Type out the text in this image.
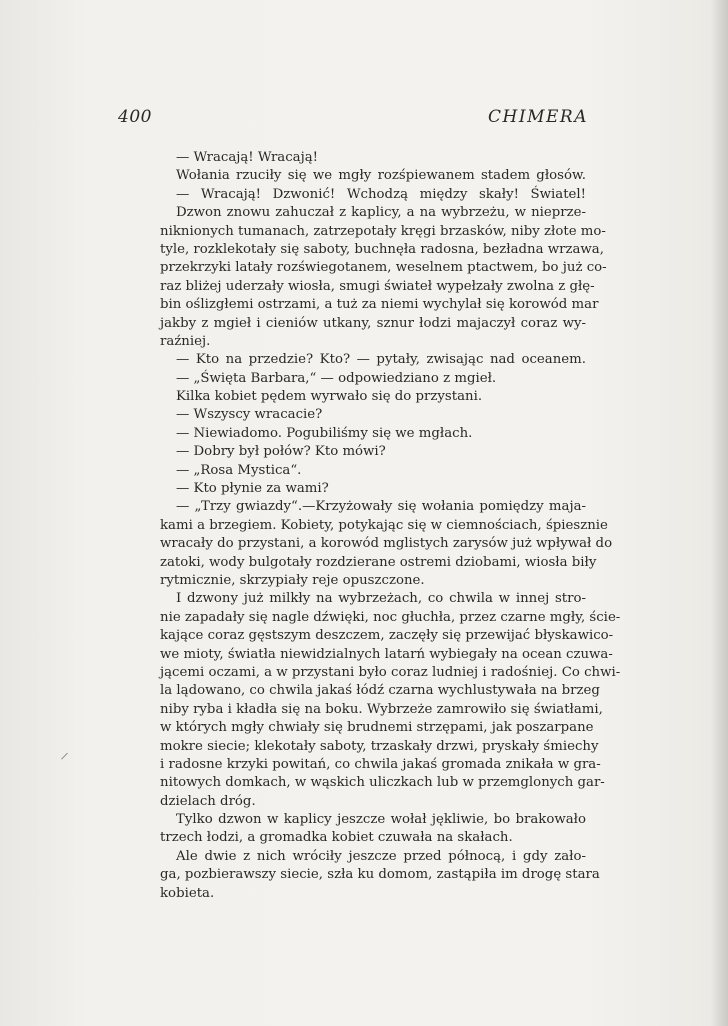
400	CHIMERA
— Wracają! Wracają!
Wołania rzuciły się we mgły rozśpiewanem stadem głosów.
— Wracają! Dzwonić! Wchodzą między skały! Światel!
Dzwon znowu zahuczał z kaplicy, a na wybrzeżu, w nieprze-
niknionych tumanach, zatrzepotały kręgi brzasków, niby złote mo-
tyle, rozklekotały się saboty, buchnęła radosna, bezładna wrzawa,
przekrzyki latały rozświegotanem, weselnem ptactwem, bo już co-
raz bliżej uderzały wiosła, smugi świateł wypełzały zwolna z głę-
bin oślizgłemi ostrzami, a tuż za niemi wychylał się korowód mar
jakby z mgieł i cieniów utkany, sznur łodzi majaczył coraz wy-
raźniej.
— Kto na przedzie? Kto? — pytały, zwisając nad oceanem.
— „Święta Barbara,“ — odpowiedziano z mgieł.
Kilka kobiet pędem wyrwało się do przystani.
— Wszyscy wracacie?
— Niewiadomo. Pogubiliśmy się we mgłach.
— Dobry był połów? Kto mówi?
— „Rosa Mystica“.
— Kto płynie za wami?
— „Trzy gwiazdy“.—Krzyżowały się wołania pomiędzy maja-
kami a brzegiem. Kobiety, potykając się w ciemnościach, śpiesznie
wracały do przystani, a korowód mglistych zarysów już wpływał do
zatoki, wody bulgotały rozdzierane ostremi dziobami, wiosła biły
rytmicznie, skrzypiały reje opuszczone.
I dzwony już milkły na wybrzeżach, co chwila w innej stro-
nie zapadały się nagle dźwięki, noc głuchła, przez czarne mgły, ście-
kające coraz gęstszym deszczem, zaczęły się przewijać błyskawico-
we mioty, światła niewidzialnych latarń wybiegały na ocean czuwa-
jącemi oczami, a w przystani było coraz ludniej i radośniej. Co chwi-
la lądowano, co chwila jakaś łódź czarna wychlustywała na brzeg
niby ryba i kładła się na boku. Wybrzeże zamrowiło się światłami,
w których mgły chwiały się brudnemi strzępami, jak poszarpane
mokre siecie; klekotały saboty, trzaskały drzwi, pryskały śmiechy
i radosne krzyki powitań, co chwila jakaś gromada znikała w gra-
nitowych domkach, w wąskich uliczkach lub w przemglonych gar-
dzielach dróg.
Tylko dzwon w kaplicy jeszcze wołał jękliwie, bo brakowało
trzech łodzi, a gromadka kobiet czuwała na skałach.
Ale dwie z nich wróciły jeszcze przed północą, i gdy zało-
ga, pozbierawszy siecie, szła ku domom, zastąpiła im drogę stara
kobieta.
⸝
